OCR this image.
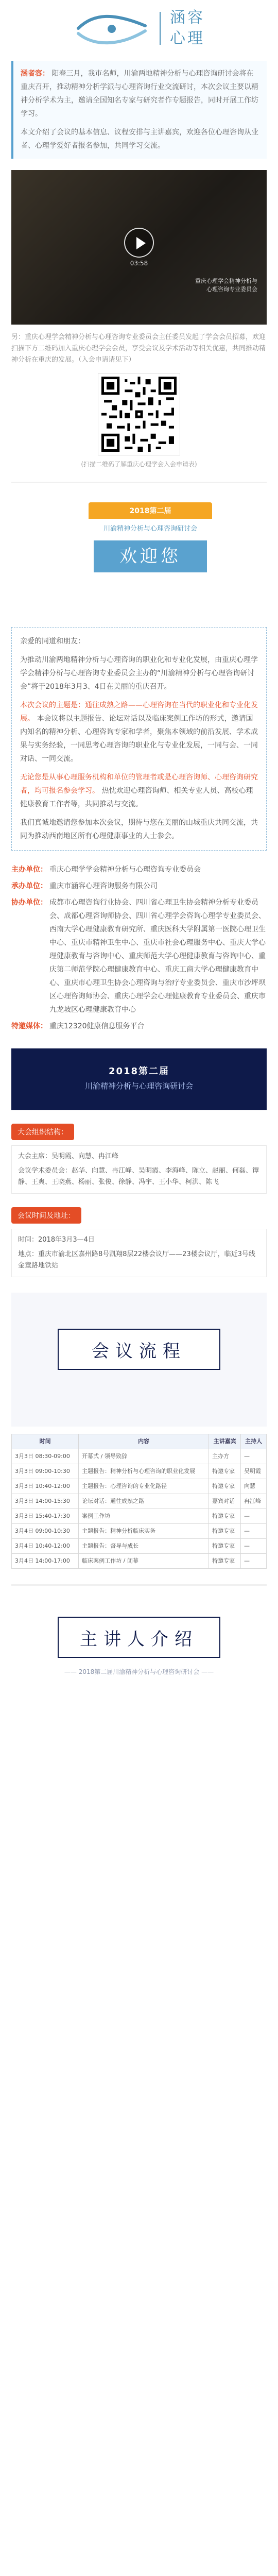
涵容
心理

涵者容： 阳春三月，我市名师，川渝两地精神分析与心理咨询研讨会将在重庆召开，推动精神分析学派与心理咨询行业交流研讨，本次会议主要以精神分析学术为主，邀请全国知名专家与研究者作专题报告，同时开展工作坊学习。

本文介绍了会议的基本信息、议程安排与主讲嘉宾，欢迎各位心理咨询从业者、心理学爱好者报名参加，共同学习交流。

03:58
重庆心理学会精神分析与
心理咨询专业委员会
另：重庆心理学会精神分析与心理咨询专业委员会主任委员发起了学会会员招募，欢迎扫描下方二维码加入重庆心理学会会员，享受会议及学术活动等相关优惠，共同推动精神分析在重庆的发展。（入会申请请见下）
(扫描二维码了解重庆心理学会入会申请表)
2018第二届
川渝精神分析与心理咨询研讨会
欢迎您

亲爱的同道和朋友：

为推动川渝两地精神分析与心理咨询的职业化和专业化发展，由重庆心理学学会精神分析与心理咨询专业委员会主办的“川渝精神分析与心理咨询研讨会”将于2018年3月3、4日在美丽的重庆召开。

本次会议的主题是：通往成熟之路——心理咨询在当代的职业化和专业化发展。 本会议将以主题报告、论坛对话以及临床案例工作坊的形式，邀请国内知名的精神分析、心理咨询专家和学者，聚焦本领域的前沿发展、学术成果与实务经验，一同思考心理咨询的职业化与专业化发展，一同与会、一同对话、一同交流。

无论您是从事心理服务机构和单位的管理者或是心理咨询师、心理咨询研究者，均可报名参会学习。 热忱欢迎心理咨询师、相关专业人员、高校心理健康教育工作者等，共同推动与交流。

我们真诚地邀请您参加本次会议，期待与您在美丽的山城重庆共同交流，共同为推动西南地区所有心理健康事业的人士参会。

主办单位： 重庆心理学学会精神分析与心理咨询专业委员会
承办单位： 重庆市涵容心理咨询服务有限公司
协办单位： 成都市心理咨询行业协会、四川省心理卫生协会精神分析专业委员会、成都心理咨询师协会、四川省心理学会咨询心理学专业委员会、西南大学心理健康教育研究所、重庆医科大学附属第一医院心理卫生中心、重庆市精神卫生中心、重庆市社会心理服务中心、重庆大学心理健康教育与咨询中心、重庆师范大学心理健康教育与咨询中心、重庆第二师范学院心理健康教育中心、重庆工商大学心理健康教育中心、重庆市心理卫生协会心理咨询与治疗专业委员会、重庆市沙坪坝区心理咨询师协会、重庆心理学会心理健康教育专业委员会、重庆市九龙坡区心理健康教育中心
特邀媒体： 重庆12320健康信息服务平台
2018第二届
川渝精神分析与心理咨询研讨会
大会组织结构：

大会主席：吴明霞、向慧、冉江峰

会议学术委员会：赵华、向慧、冉江峰、吴明霞、李海峰、陈立、赵丽、何磊、谭静、王爽、王晓燕、杨丽、张俊、徐静、冯宇、王小华、柯洪、陈飞

会议时间及地址：

时间：2018年3月3—4日

地点：重庆市渝北区嘉州路8号凯翔8层22楼会议厅——23楼会议厅，临近3号线金童路地铁站

会议流程
时间	内容	主讲嘉宾	主持人
3月3日 08:30-09:00	开幕式 / 领导致辞	主办方	—
3月3日 09:00-10:30	主题报告：精神分析与心理咨询的职业化发展	特邀专家	吴明霞
3月3日 10:40-12:00	主题报告：心理咨询的专业化路径	特邀专家	向慧
3月3日 14:00-15:30	论坛对话：通往成熟之路	嘉宾对话	冉江峰
3月3日 15:40-17:30	案例工作坊	特邀专家	—
3月4日 09:00-10:30	主题报告：精神分析临床实务	特邀专家	—
3月4日 10:40-12:00	主题报告：督导与成长	特邀专家	—
3月4日 14:00-17:00	临床案例工作坊 / 闭幕	特邀专家	—
主讲人介绍
—— 2018第二届川渝精神分析与心理咨询研讨会 ——
